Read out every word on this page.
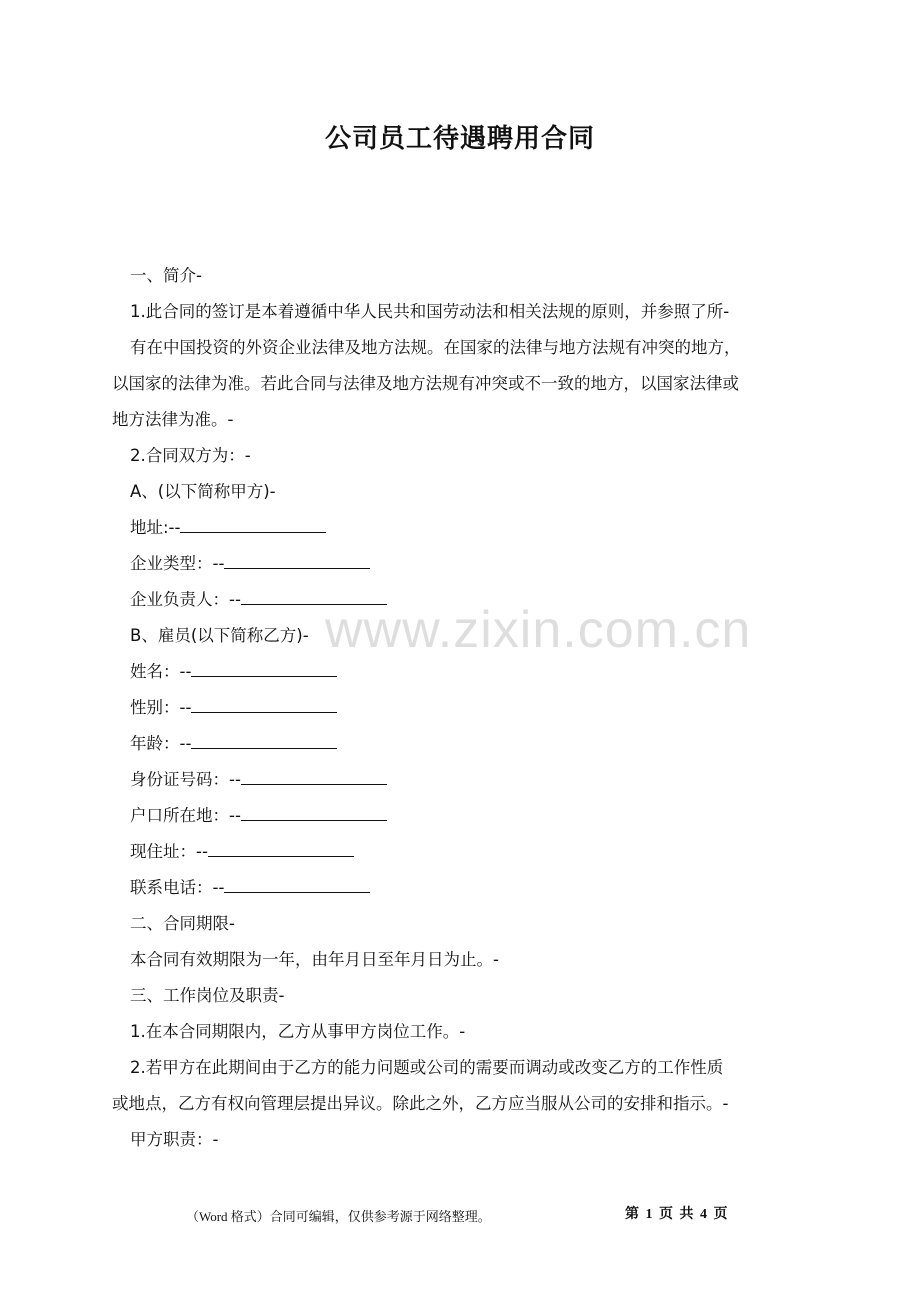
公司员工待遇聘用合同
一、简介-
1.此合同的签订是本着遵循中华人民共和国劳动法和相关法规的原则，并参照了所-
有在中国投资的外资企业法律及地方法规。在国家的法律与地方法规有冲突的地方，
以国家的法律为准。若此合同与法律及地方法规有冲突或不一致的地方，以国家法律或
地方法律为准。-
2.合同双方为：-
A、(以下简称甲方)-
地址:--
企业类型：--
企业负责人：--
B、雇员(以下简称乙方)-
姓名：--
性别：--
年龄：--
身份证号码：--
户口所在地：--
现住址：--
联系电话：--
二、合同期限-
本合同有效期限为一年，由年月日至年月日为止。-
三、工作岗位及职责-
1.在本合同期限内，乙方从事甲方岗位工作。-
2.若甲方在此期间由于乙方的能力问题或公司的需要而调动或改变乙方的工作性质
或地点，乙方有权向管理层提出异议。除此之外，乙方应当服从公司的安排和指示。-
甲方职责：-
www.zixin.com.cn
（Word 格式）合同可编辑，仅供参考源于网络整理。	第 1 页 共 4 页
